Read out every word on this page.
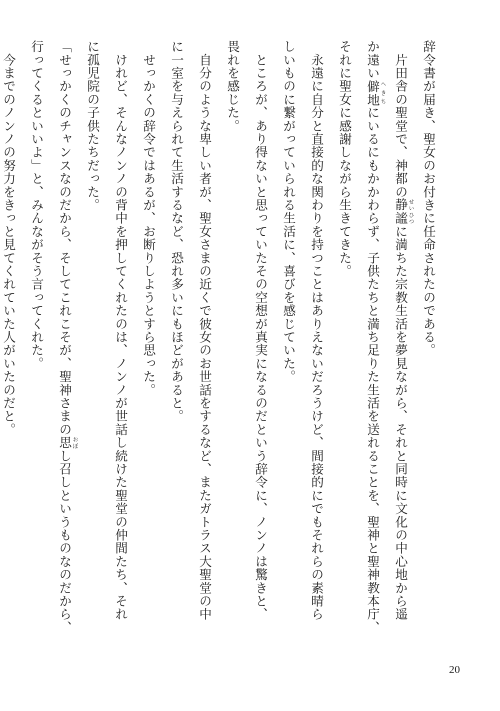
辞令書が届き、聖女のお付きに任命されたのである。
　片田舎の聖堂で、神都の静謐 せいひつに満ちた宗教生活を夢見ながら、それと同時に文化の中心地から遥
か遠い僻地 へきちにいるにもかかわらず、子供たちと満ち足りた生活を送れることを、聖神と聖神教本庁、
それに聖女に感謝しながら生きてきた。
　永遠に自分と直接的な関わりを持つことはありえないだろうけど、間接的にでもそれらの素晴ら
しいものに繋がっていられる生活に、喜びを感じていた。
　ところが、あり得ないと思っていたその空想が真実になるのだという辞令に、ノンノは驚きと、
畏れを感じた。
　自分のような卑しい者が、聖女さまの近くで彼女のお世話をするなど、またガトラス大聖堂の中
に一室を与えられて生活するなど、恐れ多いにもほどがあると。
　せっかくの辞令ではあるが、お断りしようとすら思った。
　けれど、そんなノンノの背中を押してくれたのは、ノンノが世話し続けた聖堂の仲間たち、それ
に孤児院の子供たちだった。
「せっかくのチャンスなのだから、そしてこれこそが、聖神さまの思 おぼし召しというものなのだから、
行ってくるといいよ」と、みんながそう言ってくれた。
　今までのノンノの努力をきっと見てくれていた人がいたのだと。
20
